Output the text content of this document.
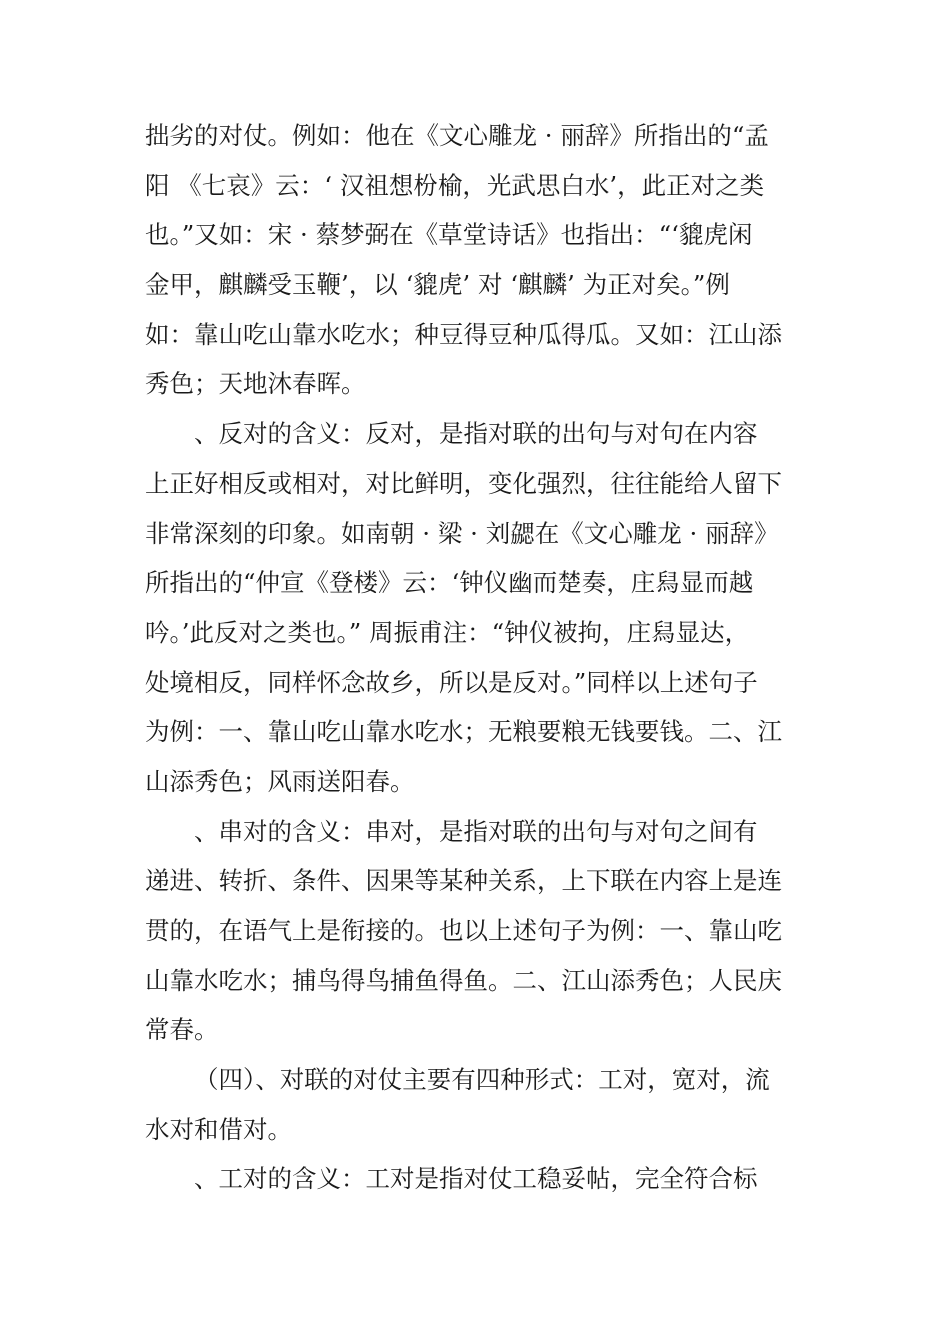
拙劣的对仗。例如：他在《文心雕龙 · 丽辞》所指出的“孟
阳 《七哀》云：‘ 汉祖想枌榆，光武思白水’，此正对之类
也。”又如：宋 · 蔡梦弼在《草堂诗话》也指出：“‘貔虎闲
金甲，麒麟受玉鞭’，以 ‘貔虎’ 对 ‘麒麟’ 为正对矣。”例
如：靠山吃山靠水吃水；种豆得豆种瓜得瓜。又如：江山添
秀色；天地沐春晖。
、反对的含义：反对，是指对联的出句与对句在内容
上正好相反或相对，对比鲜明，变化强烈，往往能给人留下
非常深刻的印象。如南朝 · 梁 · 刘勰在《文心雕龙 · 丽辞》
所指出的“仲宣《登楼》云：‘钟仪幽而楚奏，庄舄显而越
吟。’此反对之类也。” 周振甫注：“钟仪被拘，庄舄显达，
处境相反，同样怀念故乡，所以是反对。”同样以上述句子
为例：一、靠山吃山靠水吃水；无粮要粮无钱要钱。二、江
山添秀色；风雨送阳春。
、串对的含义：串对，是指对联的出句与对句之间有
递进、转折、条件、因果等某种关系，上下联在内容上是连
贯的，在语气上是衔接的。也以上述句子为例：一、靠山吃
山靠水吃水；捕鸟得鸟捕鱼得鱼。二、江山添秀色；人民庆
常春。
（四）、对联的对仗主要有四种形式：工对，宽对，流
水对和借对。
、工对的含义：工对是指对仗工稳妥帖，完全符合标
